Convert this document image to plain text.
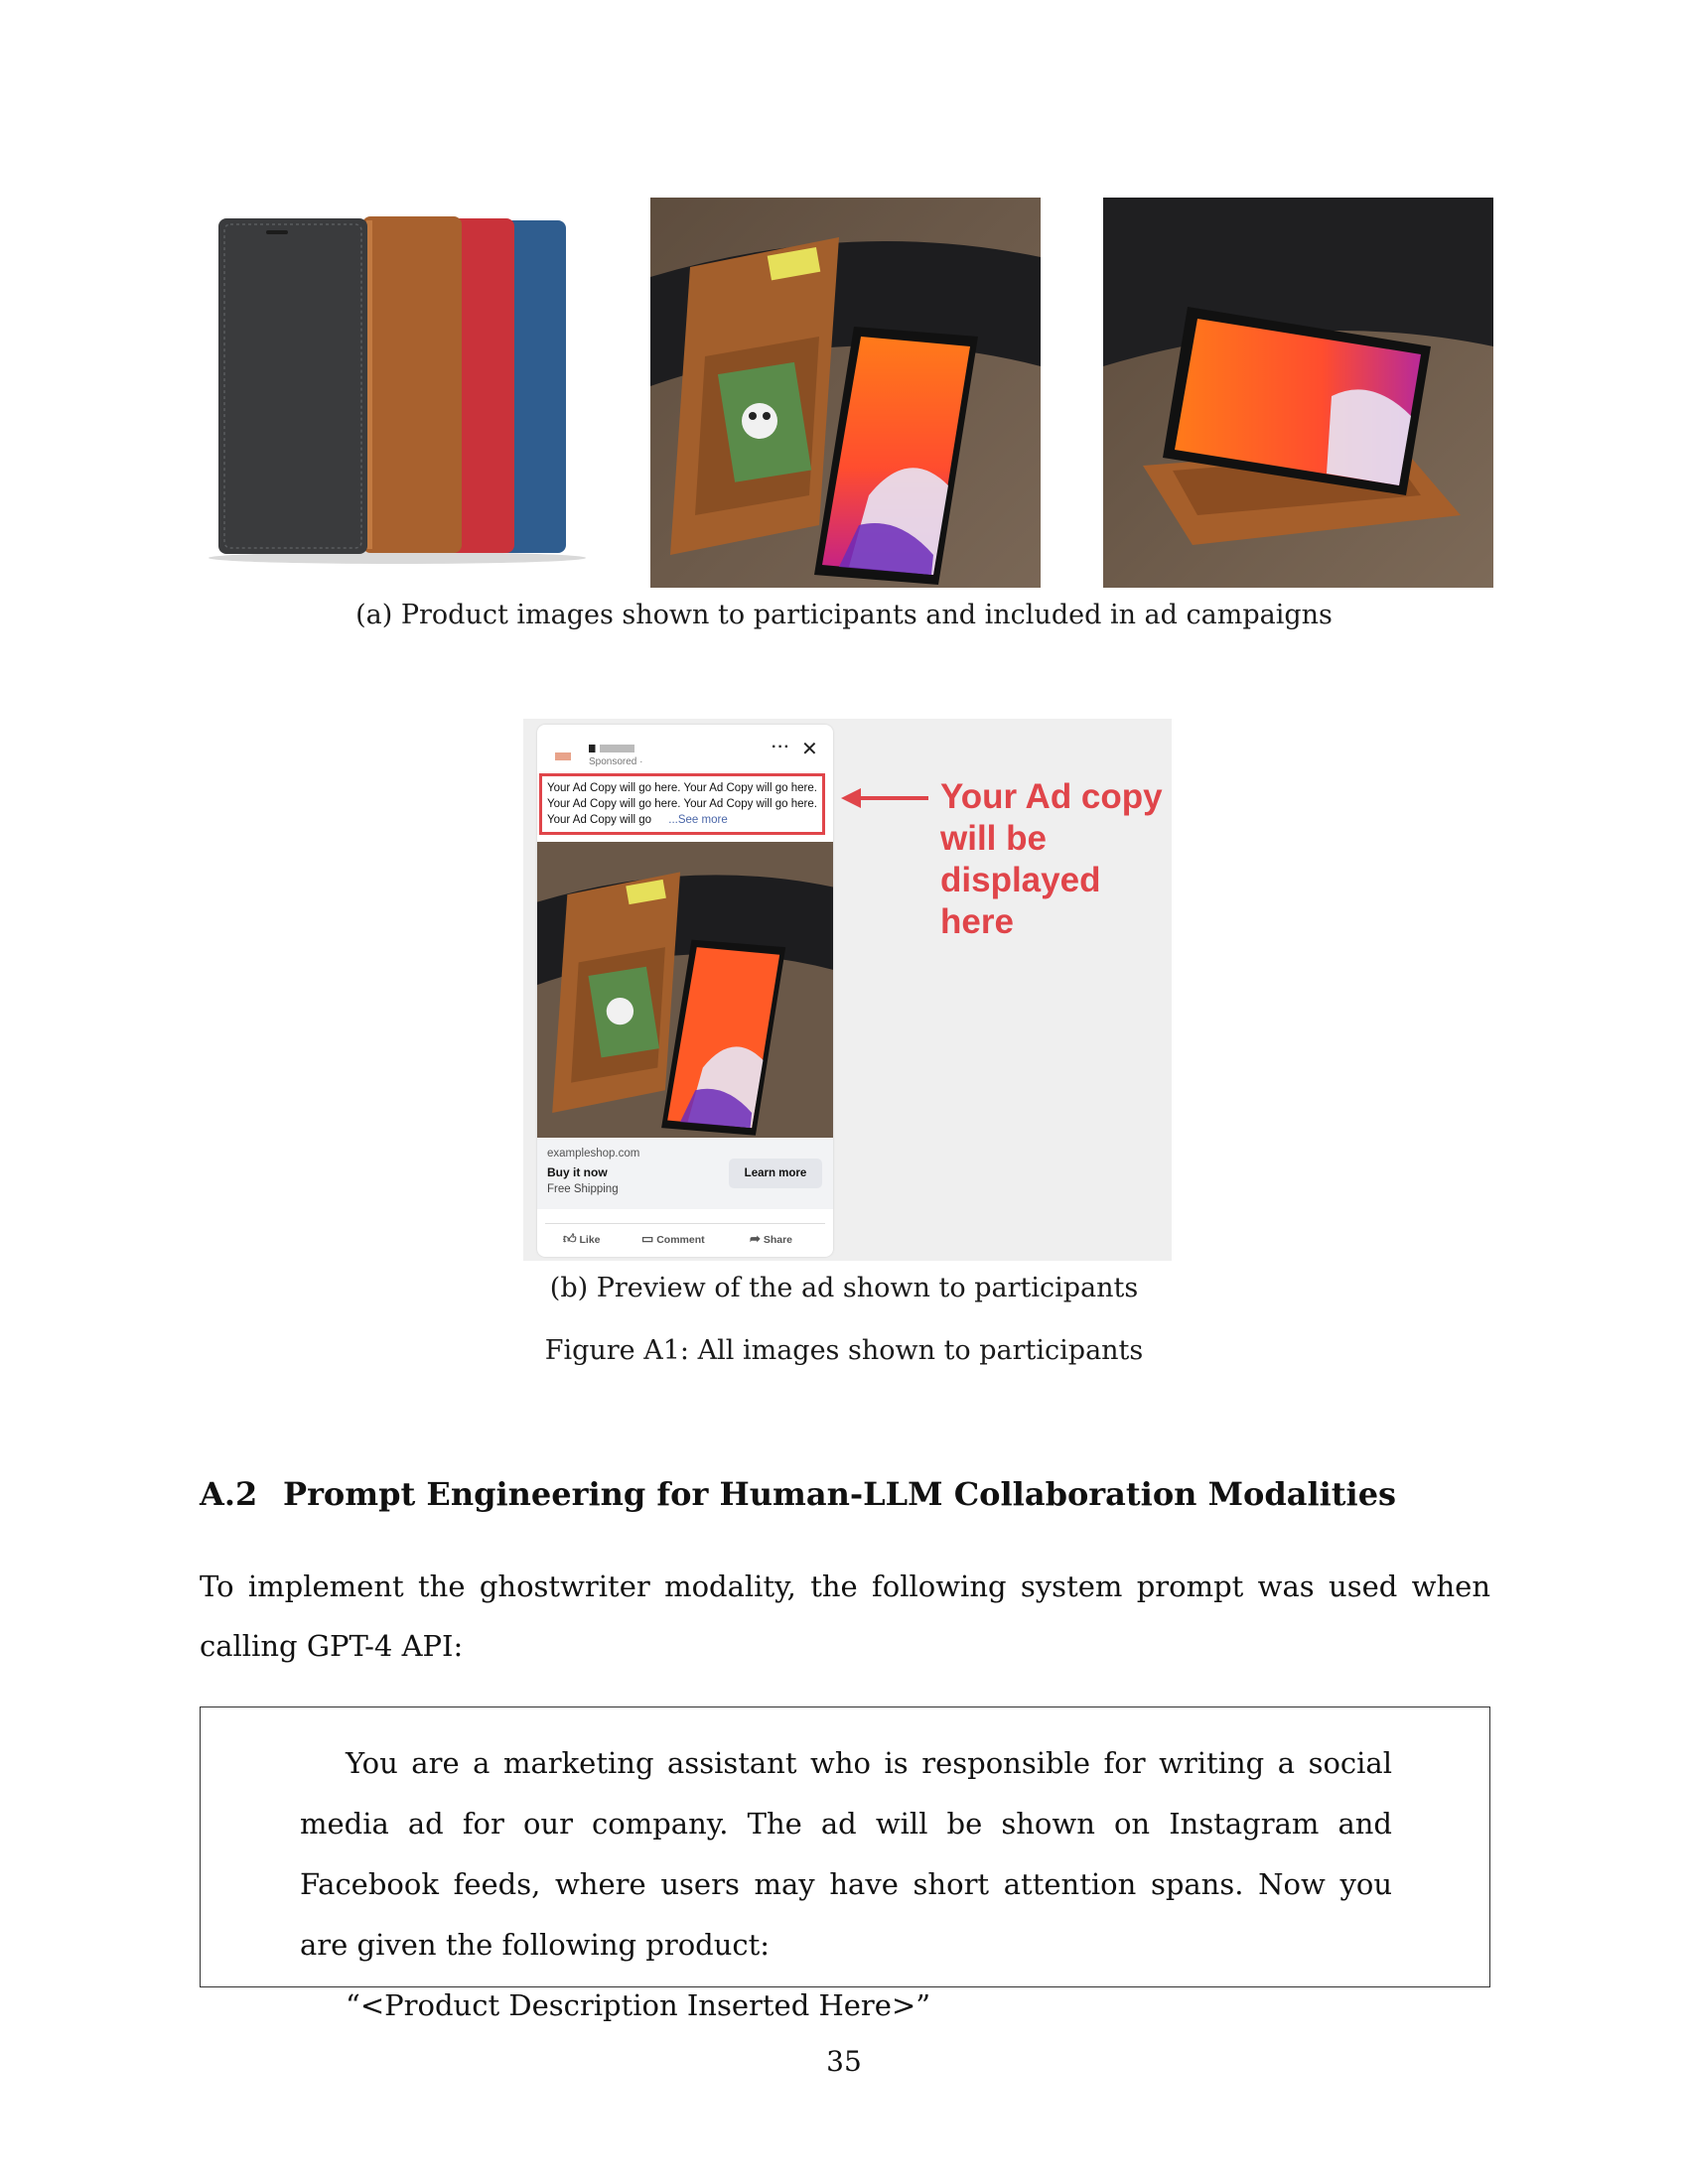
(a) Product images shown to participants and included in ad campaigns
Sponsored ·
··· ✕
Your Ad Copy will go here. Your Ad Copy will go here. Your Ad Copy will go here. Your Ad Copy will go here. Your Ad Copy will go ...See more
exampleshop.com
Buy it now
Free Shipping
Learn more
👍︎ Like	▭ Comment	➦ Share
Your Ad copy will be displayed here
(b) Preview of the ad shown to participants
Figure A1: All images shown to participants
A.2 Prompt Engineering for Human-LLM Collaboration Modalities
To implement the ghostwriter modality, the following system prompt was used when calling GPT-4 API:
You are a marketing assistant who is responsible for writing a social media ad for our company. The ad will be shown on Instagram and Facebook feeds, where users may have short attention spans. Now you are given the following product:
“<Product Description Inserted Here>”
35
